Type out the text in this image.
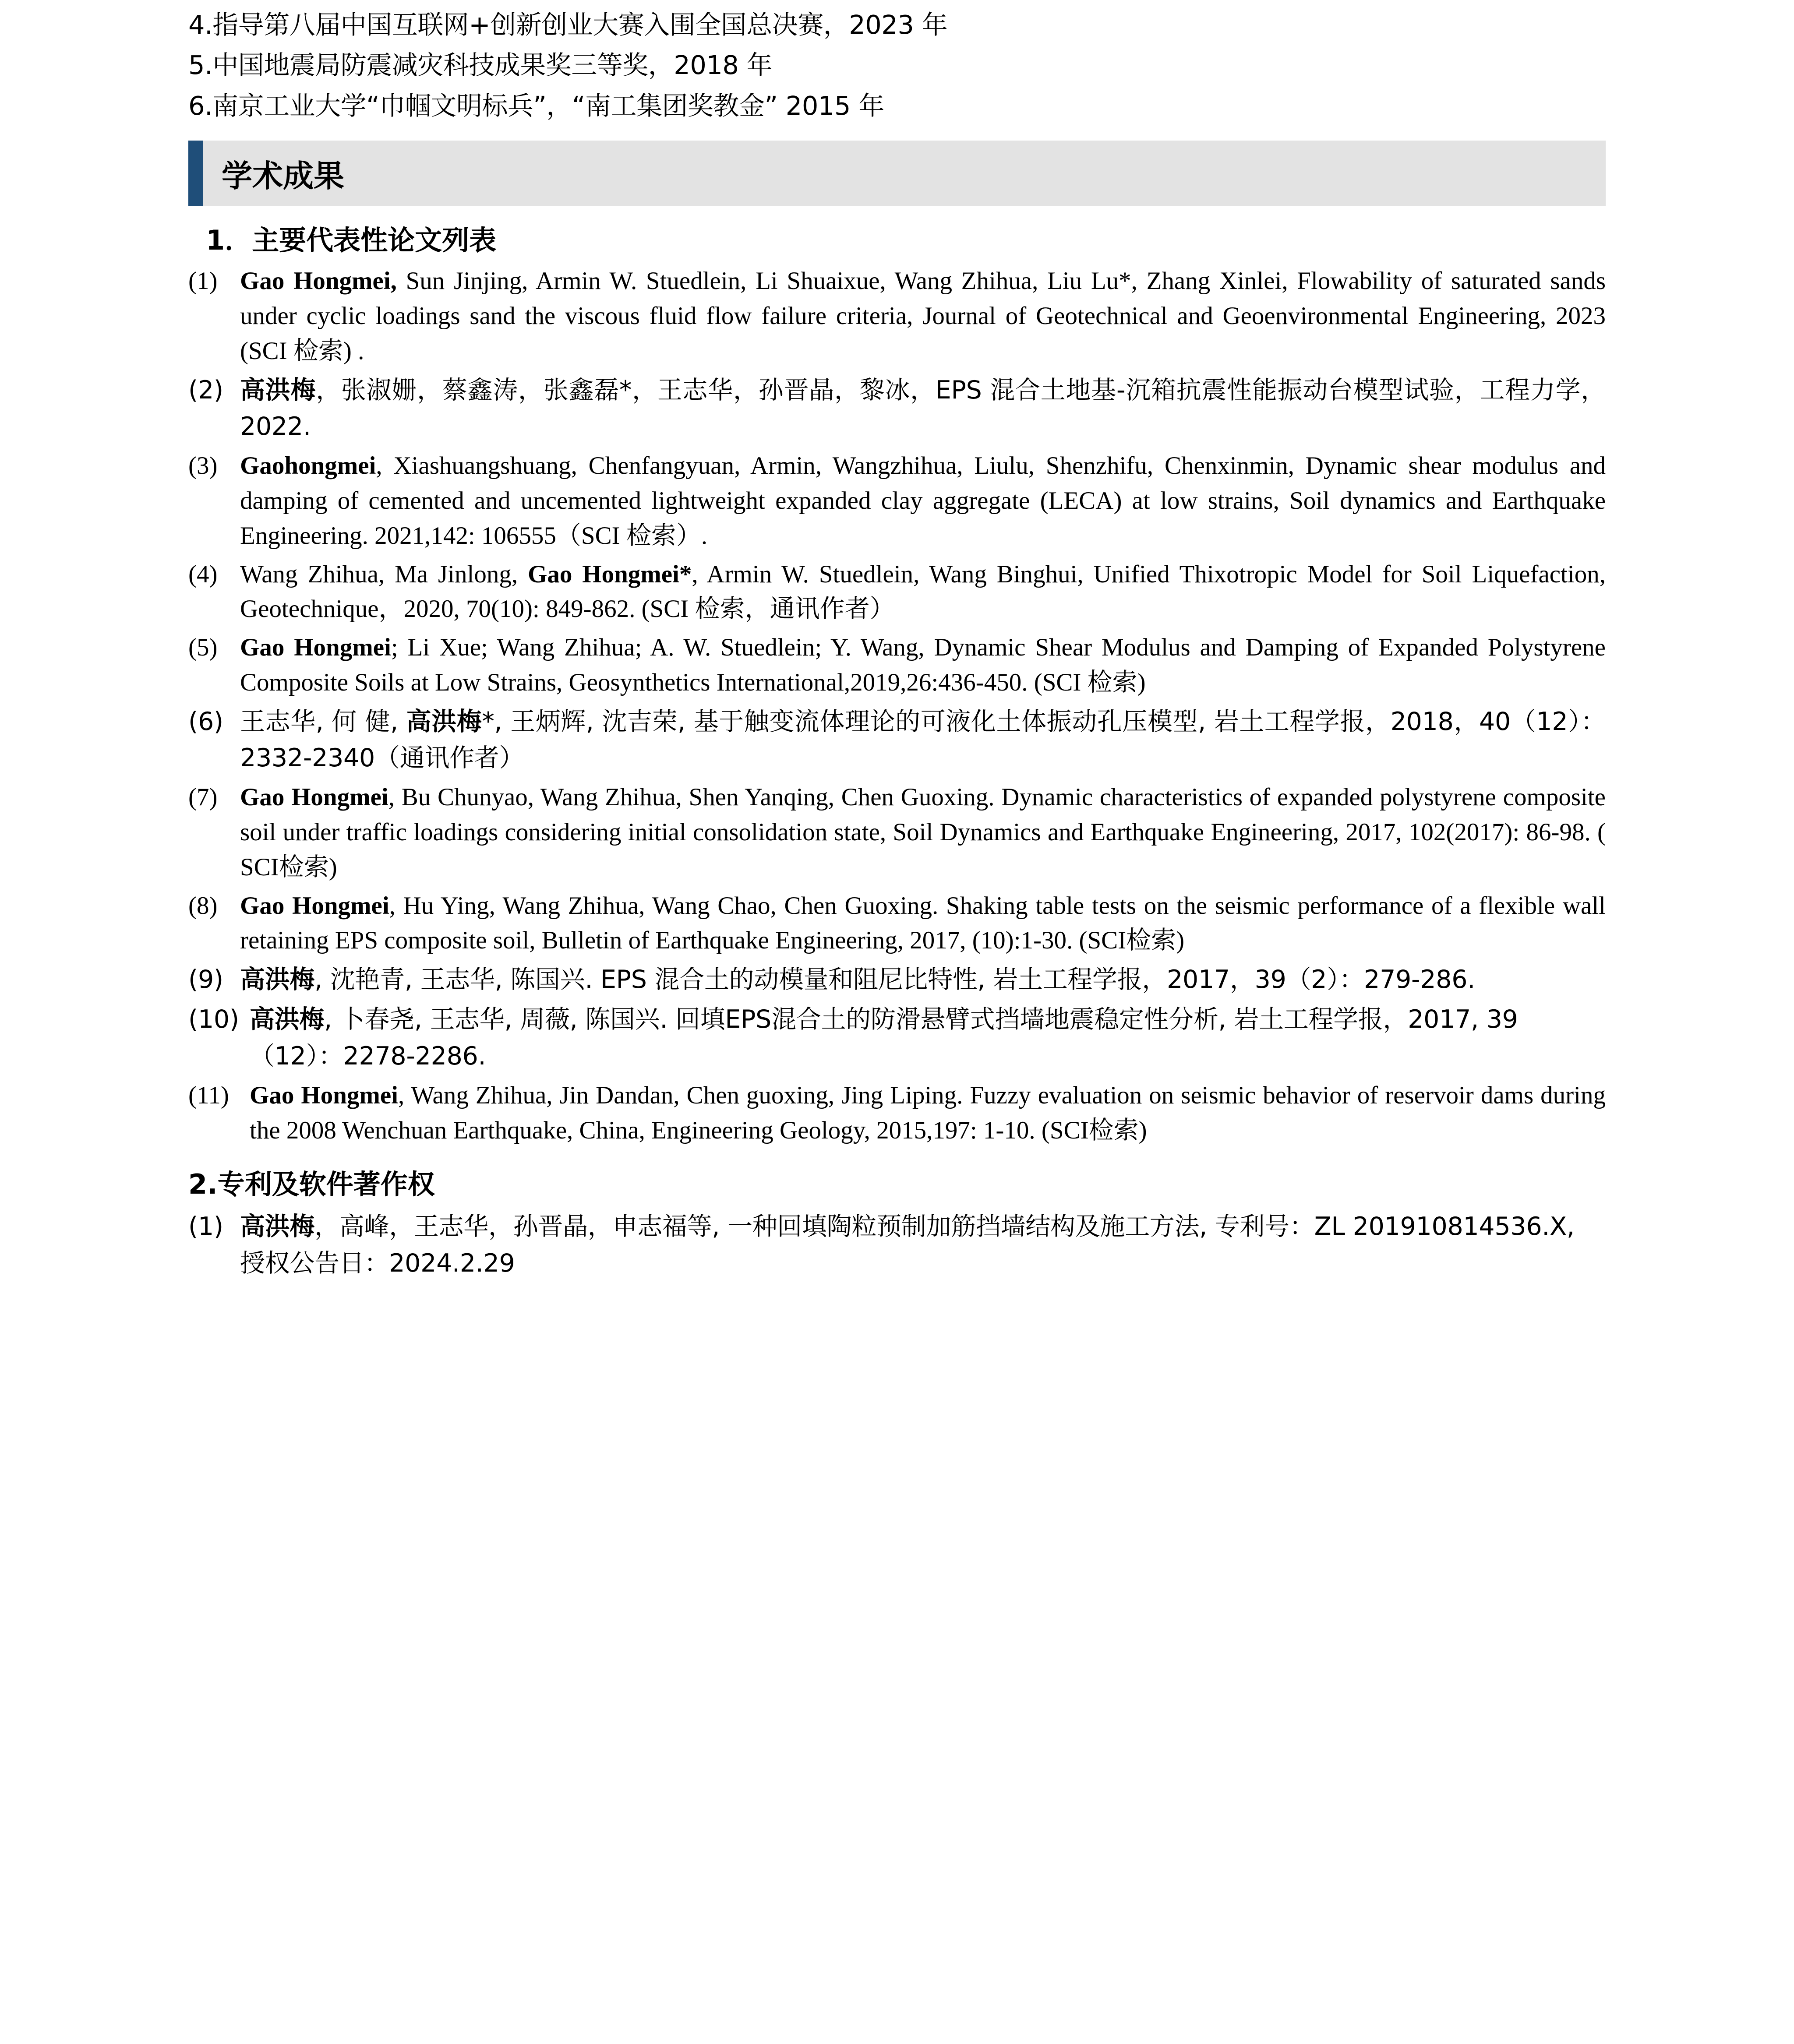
4.指导第八届中国互联网+创新创业大赛入围全国总决赛，2023 年
5.中国地震局防震减灾科技成果奖三等奖，2018 年
6.南京工业大学“巾帼文明标兵”，“南工集团奖教金” 2015 年
学术成果
1．主要代表性论文列表
(1) Gao Hongmei, Sun Jinjing, Armin W. Stuedlein, Li Shuaixue, Wang Zhihua, Liu Lu*, Zhang Xinlei, Flowability of saturated sands under cyclic loadings sand the viscous fluid flow failure criteria, Journal of Geotechnical and Geoenvironmental Engineering, 2023 (SCI 检索) .
(2) 高洪梅，张淑姗，蔡鑫涛，张鑫磊*，王志华，孙晋晶，黎冰，EPS 混合土地基-沉箱抗震性能振动台模型试验，工程力学，2022.
(3) Gaohongmei, Xiashuangshuang, Chenfangyuan, Armin, Wangzhihua, Liulu, Shenzhifu, Chenxinmin, Dynamic shear modulus and damping of cemented and uncemented lightweight expanded clay aggregate (LECA) at low strains, Soil dynamics and Earthquake Engineering. 2021,142: 106555（SCI 检索）.
(4) Wang Zhihua, Ma Jinlong, Gao Hongmei*, Armin W. Stuedlein, Wang Binghui, Unified Thixotropic Model for Soil Liquefaction, Geotechnique，2020, 70(10): 849-862. (SCI 检索，通讯作者）
(5) Gao Hongmei; Li Xue; Wang Zhihua; A. W. Stuedlein; Y. Wang, Dynamic Shear Modulus and Damping of Expanded Polystyrene Composite Soils at Low Strains, Geosynthetics International,2019,26:436-450. (SCI 检索)
(6) 王志华, 何 健, 高洪梅*, 王炳辉, 沈吉荣, 基于触变流体理论的可液化土体振动孔压模型, 岩土工程学报，2018，40（12）：2332-2340（通讯作者）
(7) Gao Hongmei, Bu Chunyao, Wang Zhihua, Shen Yanqing, Chen Guoxing. Dynamic characteristics of expanded polystyrene composite soil under traffic loadings considering initial consolidation state, Soil Dynamics and Earthquake Engineering, 2017, 102(2017): 86-98. ( SCI检索)
(8) Gao Hongmei, Hu Ying, Wang Zhihua, Wang Chao, Chen Guoxing. Shaking table tests on the seismic performance of a flexible wall retaining EPS composite soil, Bulletin of Earthquake Engineering, 2017, (10):1-30. (SCI检索)
(9) 高洪梅, 沈艳青, 王志华, 陈国兴. EPS 混合土的动模量和阻尼比特性, 岩土工程学报，2017，39（2）：279-286.
(10) 高洪梅, 卜春尧, 王志华, 周薇, 陈国兴. 回填EPS混合土的防滑悬臂式挡墙地震稳定性分析, 岩土工程学报，2017, 39（12）：2278-2286.
(11) Gao Hongmei, Wang Zhihua, Jin Dandan, Chen guoxing, Jing Liping. Fuzzy evaluation on seismic behavior of reservoir dams during the 2008 Wenchuan Earthquake, China, Engineering Geology, 2015,197: 1-10. (SCI检索)
2.专利及软件著作权
(1) 高洪梅，高峰，王志华，孙晋晶，申志福等, 一种回填陶粒预制加筋挡墙结构及施工方法, 专利号：ZL 201910814536.X, 授权公告日：2024.2.29
